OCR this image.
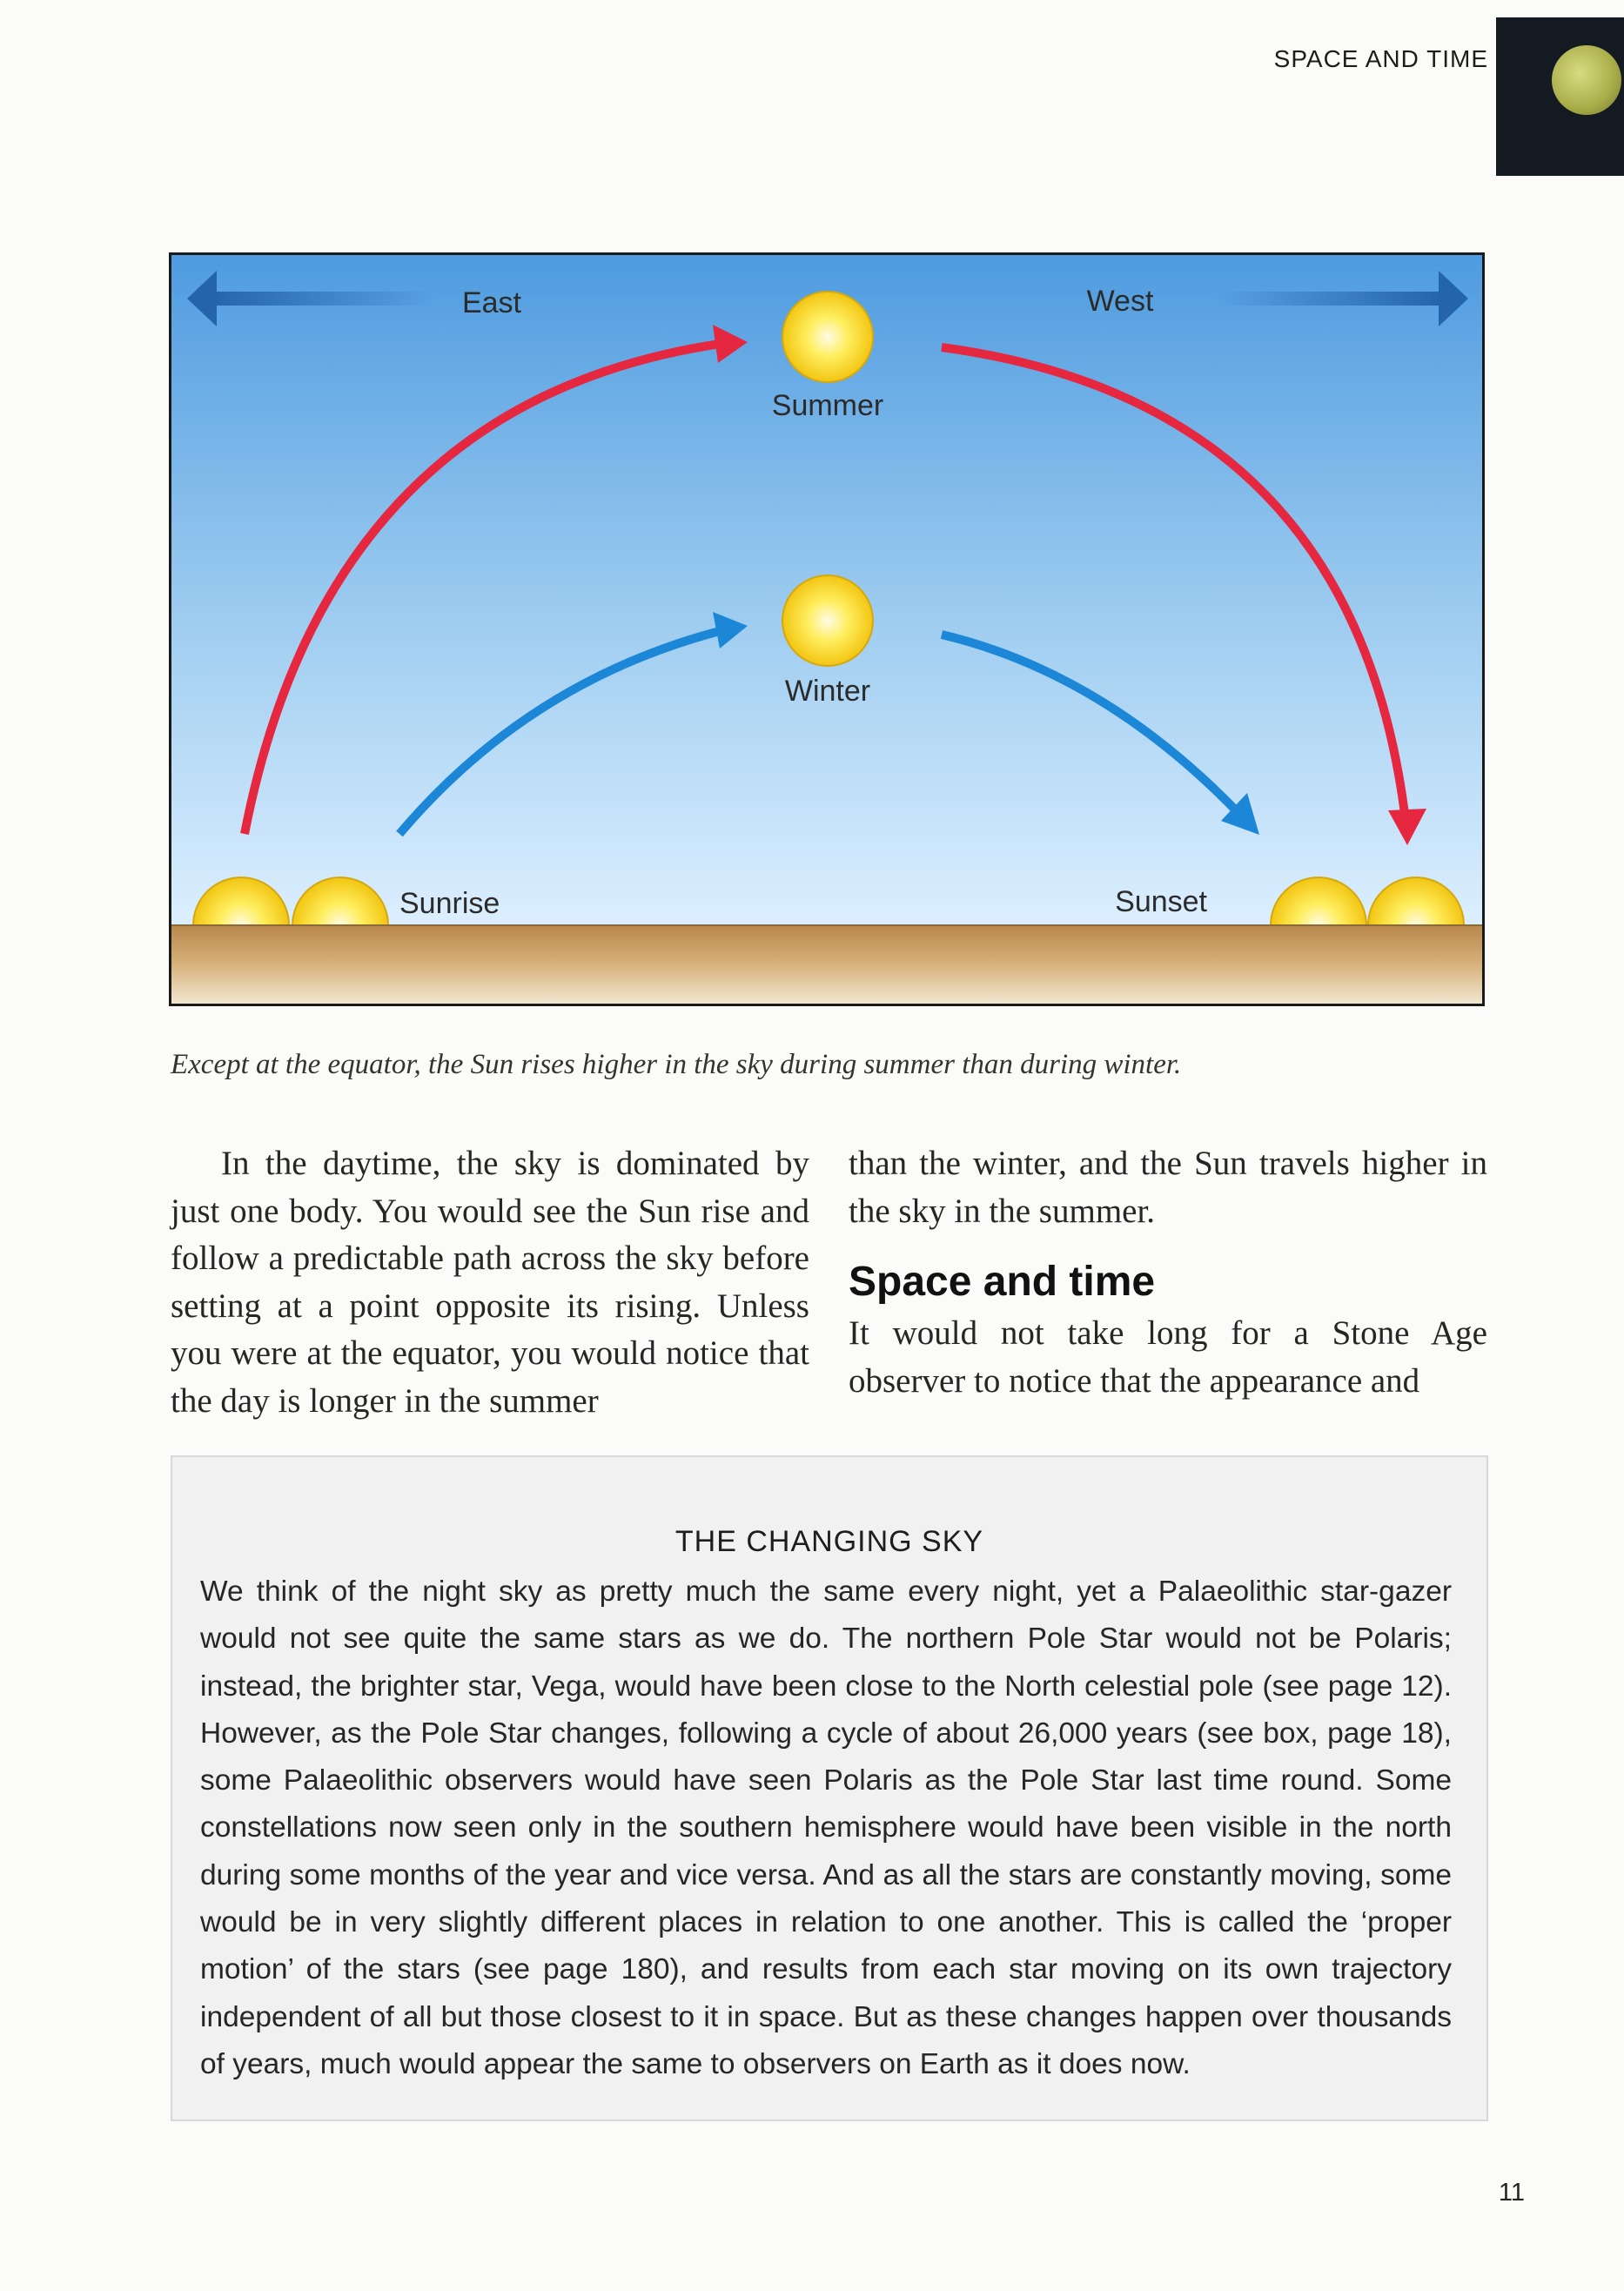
SPACE AND TIME
East	West
Summer
Winter
Sunrise	Sunset
Except at the equator, the Sun rises higher in the sky during summer than during winter.

In the daytime, the sky is dominated by just one body. You would see the Sun rise and follow a predictable path across the sky before setting at a point opposite its rising. Unless you were at the equator, you would notice that the day is longer in the summer

than the winter, and the Sun travels higher in the sky in the summer.

Space and time

It would not take long for a Stone Age observer to notice that the appearance and

THE CHANGING SKY
We think of the night sky as pretty much the same every night, yet a Palaeolithic star-gazer would not see quite the same stars as we do. The northern Pole Star would not be Polaris; instead, the brighter star, Vega, would have been close to the North celestial pole (see page 12). However, as the Pole Star changes, following a cycle of about 26,000 years (see box, page 18), some Palaeolithic observers would have seen Polaris as the Pole Star last time round. Some constellations now seen only in the southern hemisphere would have been visible in the north during some months of the year and vice versa. And as all the stars are constantly moving, some would be in very slightly different places in relation to one another. This is called the ‘proper motion’ of the stars (see page 180), and results from each star moving on its own trajectory independent of all but those closest to it in space. But as these changes happen over thousands of years, much would appear the same to observers on Earth as it does now.
11
